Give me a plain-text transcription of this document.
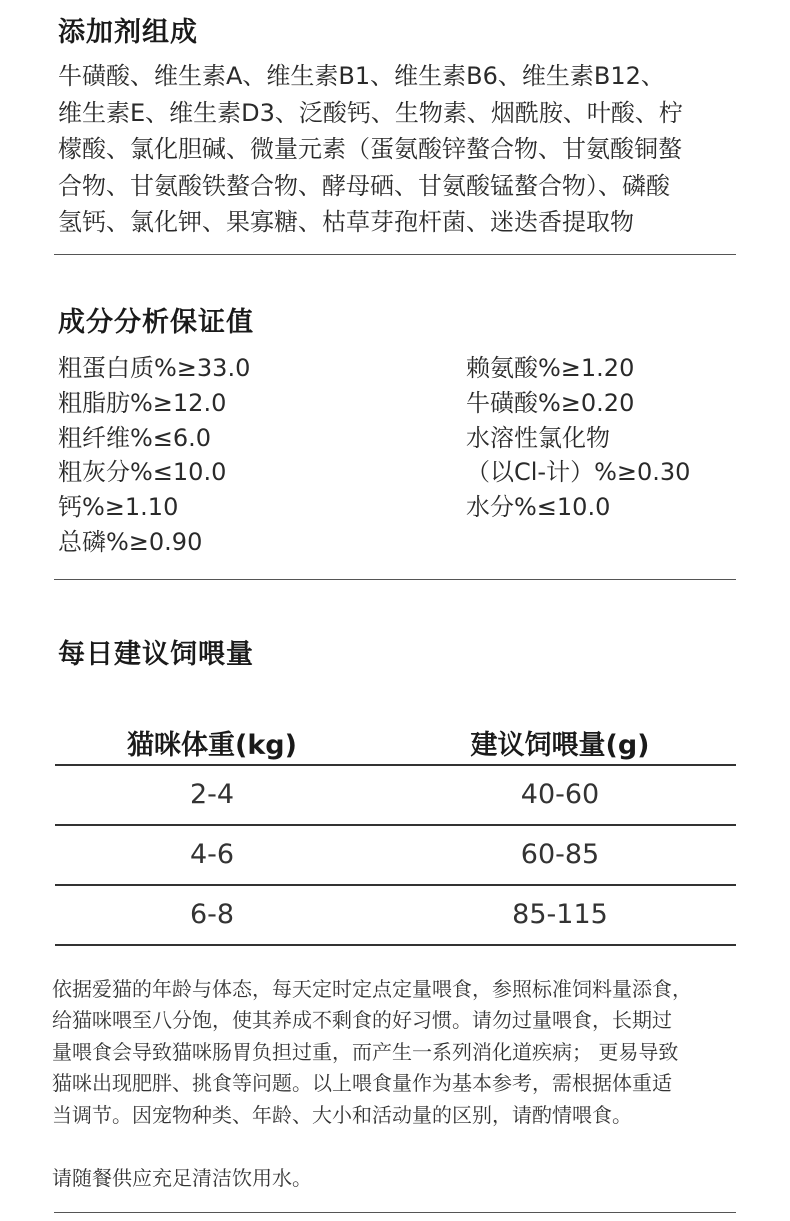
添加剂组成
牛磺酸、维生素A、维生素B1、维生素B6、维生素B12、
维生素E、维生素D3、泛酸钙、生物素、烟酰胺、叶酸、柠
檬酸、氯化胆碱、微量元素（蛋氨酸锌螯合物、甘氨酸铜螯
合物、甘氨酸铁螯合物、酵母硒、甘氨酸锰螯合物）、磷酸
氢钙、氯化钾、果寡糖、枯草芽孢杆菌、迷迭香提取物
成分分析保证值
粗蛋白质%≥33.0
粗脂肪%≥12.0
粗纤维%≤6.0
粗灰分%≤10.0
钙%≥1.10
总磷%≥0.90
赖氨酸%≥1.20
牛磺酸%≥0.20
水溶性氯化物
（以Cl-计）%≥0.30
水分%≤10.0
每日建议饲喂量
猫咪体重(kg)	建议饲喂量(g)
2-4	40-60
4-6	60-85
6-8	85-115
依据爱猫的年龄与体态，每天定时定点定量喂食，参照标准饲料量添食，
给猫咪喂至八分饱，使其养成不剩食的好习惯。请勿过量喂食，长期过
量喂食会导致猫咪肠胃负担过重，而产生一系列消化道疾病； 更易导致
猫咪出现肥胖、挑食等问题。以上喂食量作为基本参考，需根据体重适
当调节。因宠物种类、年龄、大小和活动量的区别，请酌情喂食。
请随餐供应充足清洁饮用水。
